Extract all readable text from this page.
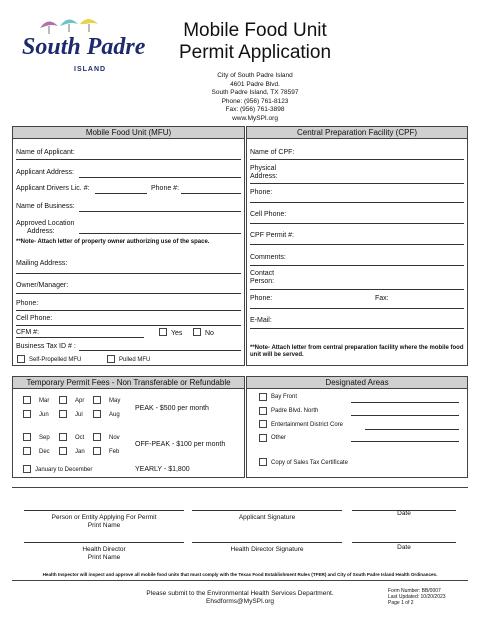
South Padre
ISLAND
Mobile Food Unit
Permit Application
City of South Padre Island
4601 Padre Blvd.
South Padre Island, TX 78597
Phone: (956) 761-8123
Fax: (956) 761-3898
www.MySPI.org
Mobile Food Unit (MFU)
Name of Applicant:
Applicant Address:
Applicant Drivers Lic. #:	Phone #:
Name of Business:
Approved Location
Address:
**Note- Attach letter of property owner authorizing use of the space.
Mailing Address:
Owner/Manager:
Phone:
Cell Phone:
CFM #:	Yes	No
Business Tax ID # :
Self-Propelled MFU	Pulled MFU
Central Preparation Facility (CPF)
Name of CPF:
Physical
Address:
Phone:
Cell Phone:
CPF Permit #:
Comments:
Contact
Person:
Phone:	Fax:
E-Mail:
**Note- Attach letter from central preparation facility where the mobile food unit will be served.
Temporary Permit Fees - Non Transferable or Refundable
Mar	Apr	May
Jun	Jul	Aug
PEAK - $500 per month
Sep	Oct	Nov
Dec	Jan	Feb
OFF-PEAK - $100 per month
January to December	YEARLY - $1,800
Designated Areas
Bay Front
Padre Blvd. North
Entertainment District Core
Other
Copy of Sales Tax Certificate
Person or Entity Applying For Permit
Print Name
Applicant Signature
Date
Health Director
Print Name
Health Director Signature	Date
Health Inspector will inspect and approve all mobile food units that must comply with the Texas Food Establishment Rules (TFER) and City of South Padre Island Health Ordinances.
Please submit to the Environmental Health Services Department.
Ehsdforms@MySPI.org
Form Number: BB/0007
Last Updated: 10/20/2023
Page 1 of 2
